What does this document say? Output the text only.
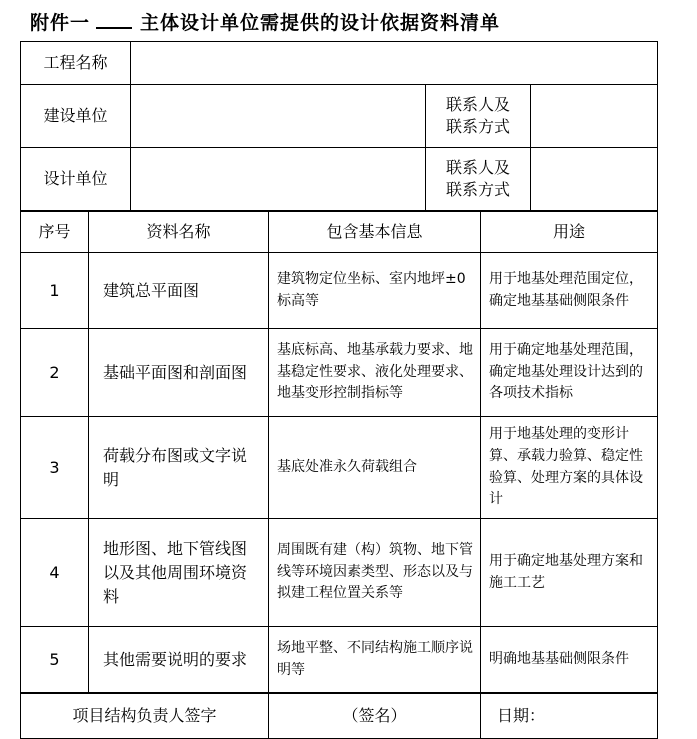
附件一	主体设计单位需提供的设计依据资料清单
工程名称			
建设单位		联系人及
联系方式	

设计单位		联系人及
联系方式	

序号	资料名称	包含基本信息	用途
1	建筑总平面图	建筑物定位坐标、室内地坪±0 标高等	用于地基处理范围定位，确定地基基础侧限条件
2	基础平面图和剖面图	基底标高、地基承载力要求、地基稳定性要求、液化处理要求、地基变形控制指标等	用于确定地基处理范围，确定地基处理设计达到的各项技术指标
3	荷载分布图或文字说明	基底处准永久荷载组合	用于地基处理的变形计算、承载力验算、稳定性验算、处理方案的具体设计
4	地形图、地下管线图以及其他周围环境资料	周围既有建（构）筑物、地下管线等环境因素类型、形态以及与拟建工程位置关系等	用于确定地基处理方案和施工工艺
5	其他需要说明的要求	场地平整、不同结构施工顺序说明等	明确地基基础侧限条件
项目结构负责人签字	（签名）	日期：
